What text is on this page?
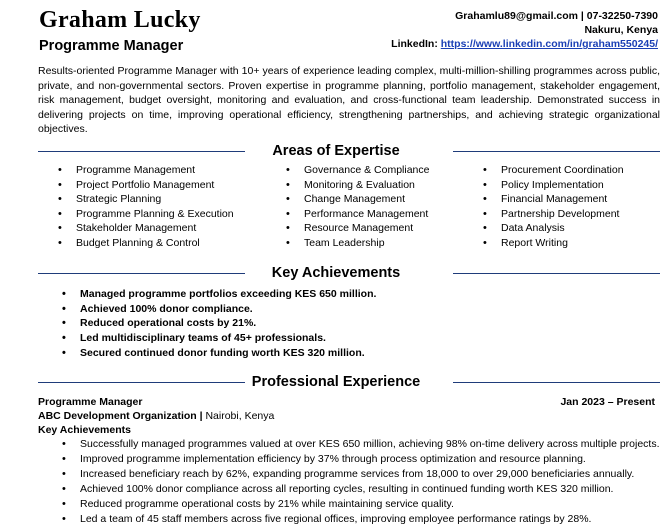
Graham Lucky
Programme Manager
Grahamlu89@gmail.com | 07-32250-7390
Nakuru, Kenya
LinkedIn: https://www.linkedin.com/in/graham550245/
Results-oriented Programme Manager with 10+ years of experience leading complex, multi-million-shilling programmes across public, private, and non-governmental sectors. Proven expertise in programme planning, portfolio management, stakeholder engagement, risk management, budget oversight, monitoring and evaluation, and cross-functional team leadership. Demonstrated success in delivering projects on time, improving operational efficiency, strengthening partnerships, and achieving strategic organizational objectives.
Areas of Expertise
• Programme Management
• Project Portfolio Management
• Strategic Planning
• Programme Planning & Execution
• Stakeholder Management
• Budget Planning & Control
• Governance & Compliance
• Monitoring & Evaluation
• Change Management
• Performance Management
• Resource Management
• Team Leadership
• Procurement Coordination
• Policy Implementation
• Financial Management
• Partnership Development
• Data Analysis
• Report Writing
Key Achievements
• Managed programme portfolios exceeding KES 650 million.
• Achieved 100% donor compliance.
• Reduced operational costs by 21%.
• Led multidisciplinary teams of 45+ professionals.
• Secured continued donor funding worth KES 320 million.
Professional Experience
Programme Manager	Jan 2023 – Present
ABC Development Organization | Nairobi, Kenya
Key Achievements
• Successfully managed programmes valued at over KES 650 million, achieving 98% on-time delivery across multiple projects.
• Improved programme implementation efficiency by 37% through process optimization and resource planning.
• Increased beneficiary reach by 62%, expanding programme services from 18,000 to over 29,000 beneficiaries annually.
• Achieved 100% donor compliance across all reporting cycles, resulting in continued funding worth KES 320 million.
• Reduced programme operational costs by 21% while maintaining service quality.
• Led a team of 45 staff members across five regional offices, improving employee performance ratings by 28%.
